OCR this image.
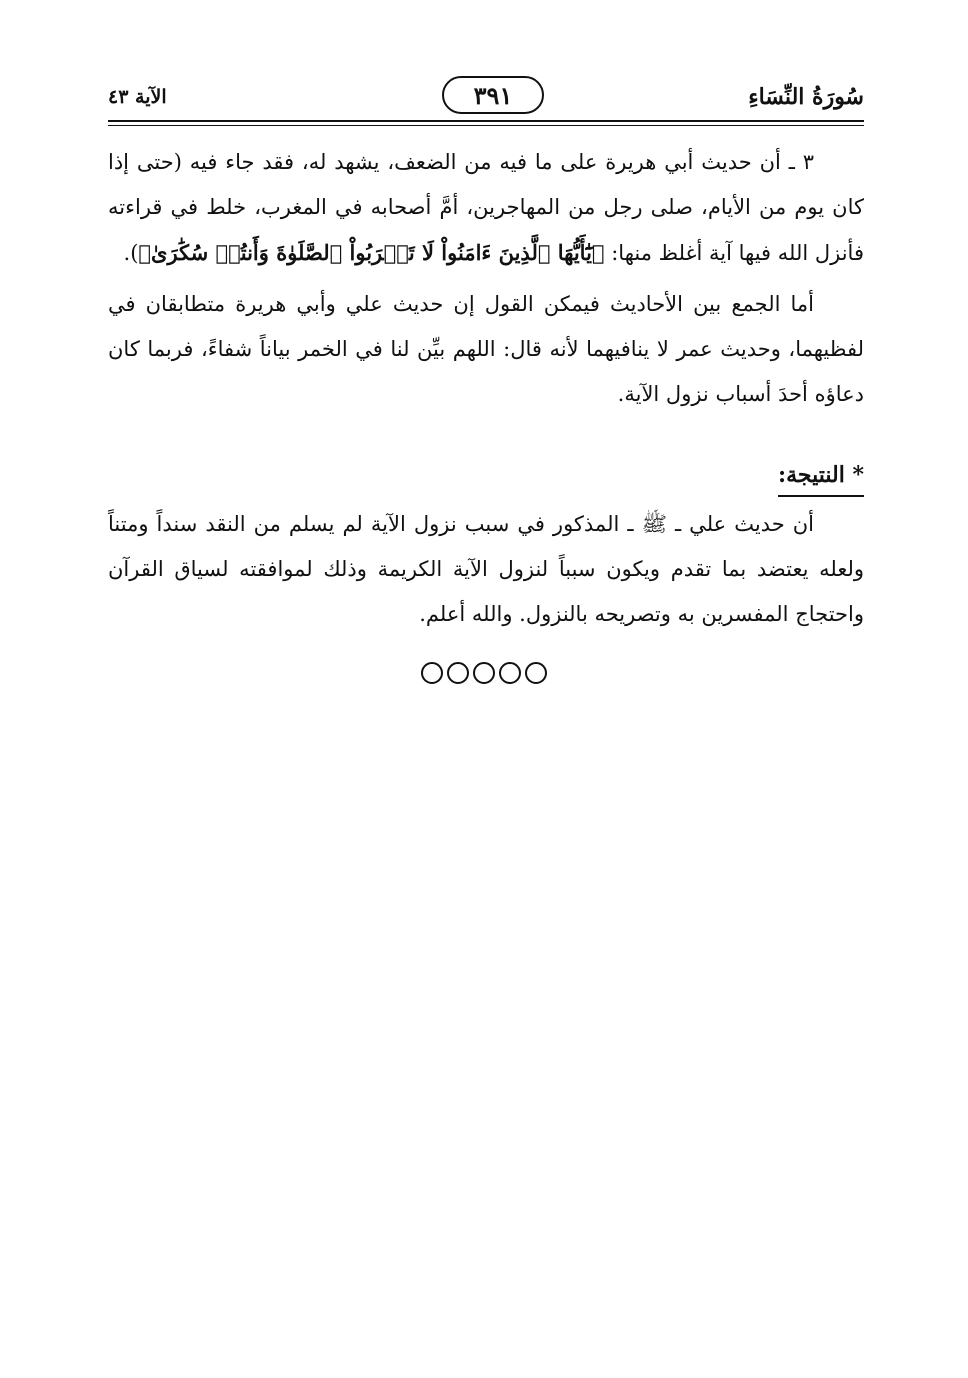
سُورَةُ النِّسَاءِ
٣٩١
الآية ٤٣

٣ ـ أن حديث أبي هريرة على ما فيه من الضعف، يشهد له، فقد جاء فيه (حتى إذا كان يوم من الأيام، صلى رجل من المهاجرين، أمَّ أصحابه في المغرب، خلط في قراءته فأنزل الله فيها آية أغلظ منها: ﴿يَٰٓأَيُّهَا ٱلَّذِينَ ءَامَنُواْ لَا تَقۡرَبُواْ ٱلصَّلَوٰةَ وَأَنتُمۡ سُكَٰرَىٰ﴾).

أما الجمع بين الأحاديث فيمكن القول إن حديث علي وأبي هريرة متطابقان في لفظيهما، وحديث عمر لا ينافيهما لأنه قال: اللهم بيِّن لنا في الخمر بياناً شفاءً، فربما كان دعاؤه أحدَ أسباب نزول الآية.

* النتيجة:

أن حديث علي ـ ﷺ ـ المذكور في سبب نزول الآية لم يسلم من النقد سنداً ومتناً ولعله يعتضد بما تقدم ويكون سبباً لنزول الآية الكريمة وذلك لموافقته لسياق القرآن واحتجاج المفسرين به وتصريحه بالنزول. والله أعلم.
